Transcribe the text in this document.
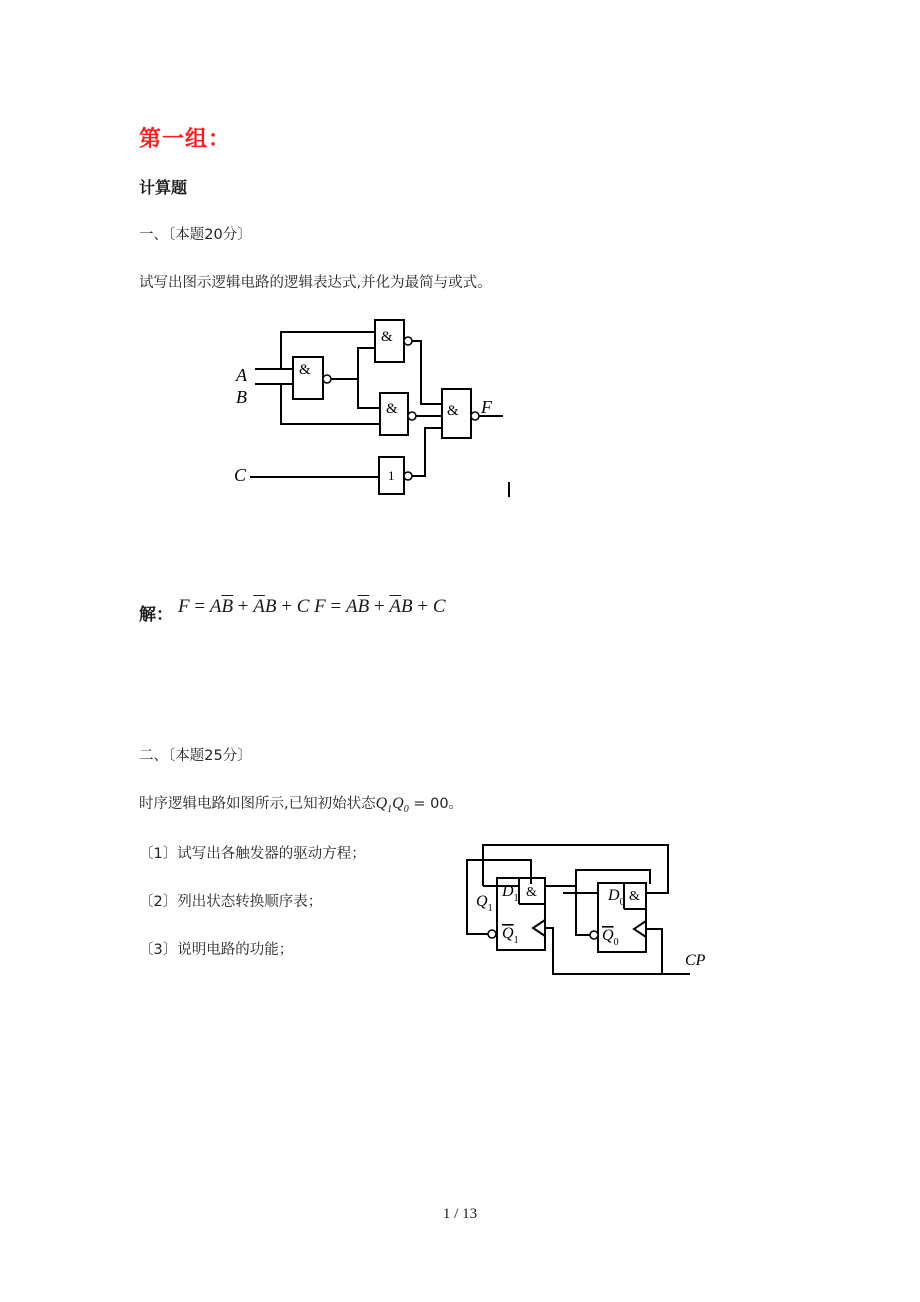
第一组：
计算题
一、〔本题20分〕
试写出图示逻辑电路的逻辑表达式,并化为最简与或式。
&
&
&	&
1
A
B
C
F
解： $F = A\overline{B} + \overline{A}B + C$ $F = A\overline{B} + \overline{A}B + C$
二、〔本题25分〕
时序逻辑电路如图所示,已知初始状态$Q_1Q_0 = 00$。
〔1〕试写出各触发器的驱动方程；
〔2〕列出状态转换顺序表；
〔3〕说明电路的功能；
$Q_1$
$D_1$
$Q_1$
$D_0$
$Q_0$
CP
&	&
1 / 13
